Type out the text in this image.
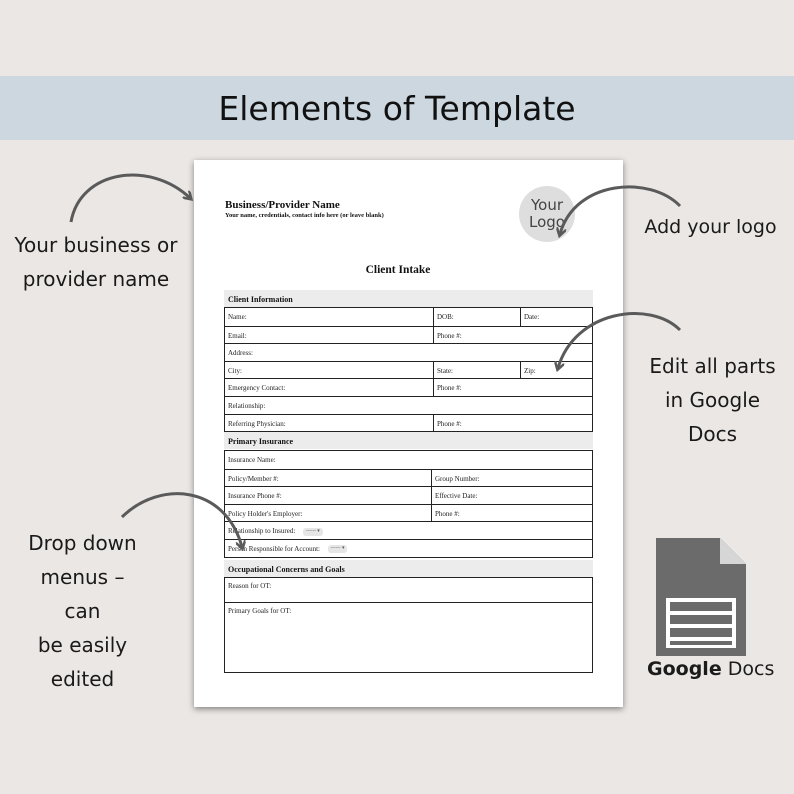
Elements of Template
Your business or
provider name
Add your logo
Edit all parts
in Google
Docs
Drop down
menus – can
be easily
edited
Business/Provider Name
Your name, credentials, contact info here (or leave blank)
Your
Logo
Client Intake
Client Information
Name:	DOB:	Date:
Email:	Phone #:
Address:
City:	State:	Zip:
Emergency Contact:	Phone #:
Relationship:
Referring Physician:	Phone #:
Primary Insurance
Insurance Name:
Policy/Member #:	Group Number:
Insurance Phone #:	Effective Date:
Policy Holder's Employer:	Phone #:
Relationship to Insured: ------ ▾
Person Responsible for Account: ------ ▾
Occupational Concerns and Goals
Reason for OT:
Primary Goals for OT:
Google Docs
